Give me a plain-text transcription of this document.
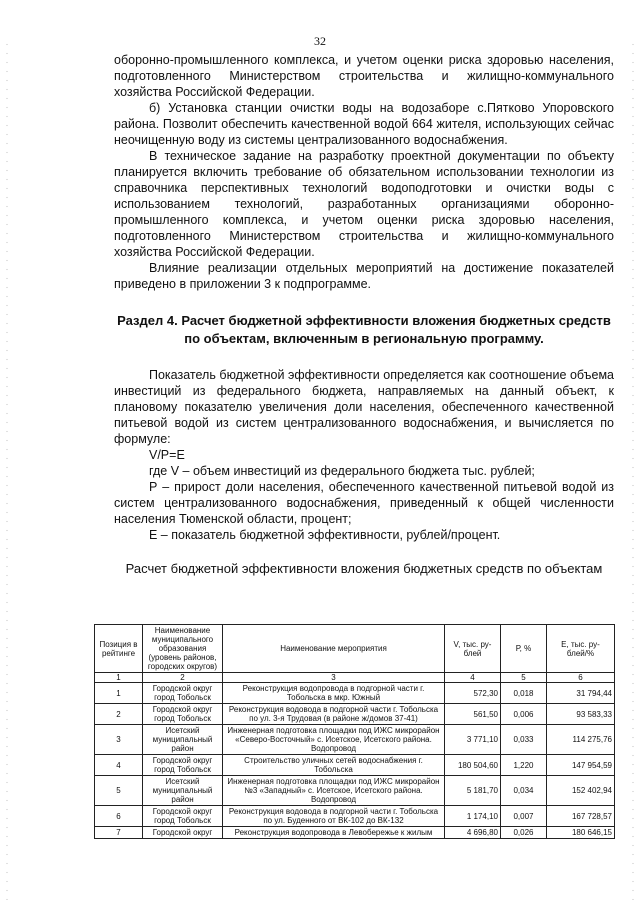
32

оборонно-промышленного комплекса, и учетом оценки риска здоровью населения, подготовленного Министерством строительства и жилищно-коммунального хозяйства Российской Федерации.

б) Установка станции очистки воды на водозаборе с.Пятково Упоровского района. Позволит обеспечить качественной водой 664 жителя, использующих сейчас неочищенную воду из системы централизованного водоснабжения.

В техническое задание на разработку проектной документации по объекту планируется включить требование об обязательном использовании технологии из справочника перспективных технологий водоподготовки и очистки воды с использованием технологий, разработанных организациями оборонно-промышленного комплекса, и учетом оценки риска здоровью населения, подготовленного Министерством строительства и жилищно-коммунального хозяйства Российской Федерации.

Влияние реализации отдельных мероприятий на достижение показателей приведено в приложении 3 к подпрограмме.

Раздел 4. Расчет бюджетной эффективности вложения бюджетных средств по объектам, включенным в региональную программу.

Показатель бюджетной эффективности определяется как соотношение объема инвестиций из федерального бюджета, направляемых на данный объект, к плановому показателю увеличения доли населения, обеспеченного качественной питьевой водой из систем централизованного водоснабжения, и вычисляется по формуле:

V/P=E

где V – объем инвестиций из федерального бюджета тыс. рублей;

Р – прирост доли населения, обеспеченного качественной питьевой водой из систем централизованного водоснабжения, приведенный к общей численности населения Тюменской области, процент;

Е – показатель бюджетной эффективности, рублей/процент.

Расчет бюджетной эффективности вложения бюджетных средств по объектам

Позиция в рейтинге	Наименование муниципального образования (уровень районов, городских округов)	Наименование мероприятия	V, тыс. ру-блей	Р, %	Е, тыс. ру-блей/%
1	2	3	4	5	6
1	Городской округ город Тобольск	Реконструкция водопровода в подгорной части г. Тобольска в мкр. Южный	572,30	0,018	31 794,44
2	Городской округ город Тобольск	Реконструкция водовода в подгорной части г. Тобольска по ул. 3-я Трудовая (в районе ж/домов 37-41)	561,50	0,006	93 583,33
3	Исетский муниципальный район	Инженерная подготовка площадки под ИЖС микрорайон «Северо-Восточный» с. Исетское, Исетского района. Водопровод	3 771,10	0,033	114 275,76
4	Городской округ город Тобольск	Строительство уличных сетей водоснабжения г. Тобольска	180 504,60	1,220	147 954,59
5	Исетский муниципальный район	Инженерная подготовка площадки под ИЖС микрорайон №3 «Западный» с. Исетское, Исетского района. Водопровод	5 181,70	0,034	152 402,94
6	Городской округ город Тобольск	Реконструкция водовода в подгорной части г. Тобольска по ул. Буденного от ВК-102 до ВК-132	1 174,10	0,007	167 728,57
7	Городской округ	Реконструкция водопровода в Левобережье к жилым	4 696,80	0,026	180 646,15
